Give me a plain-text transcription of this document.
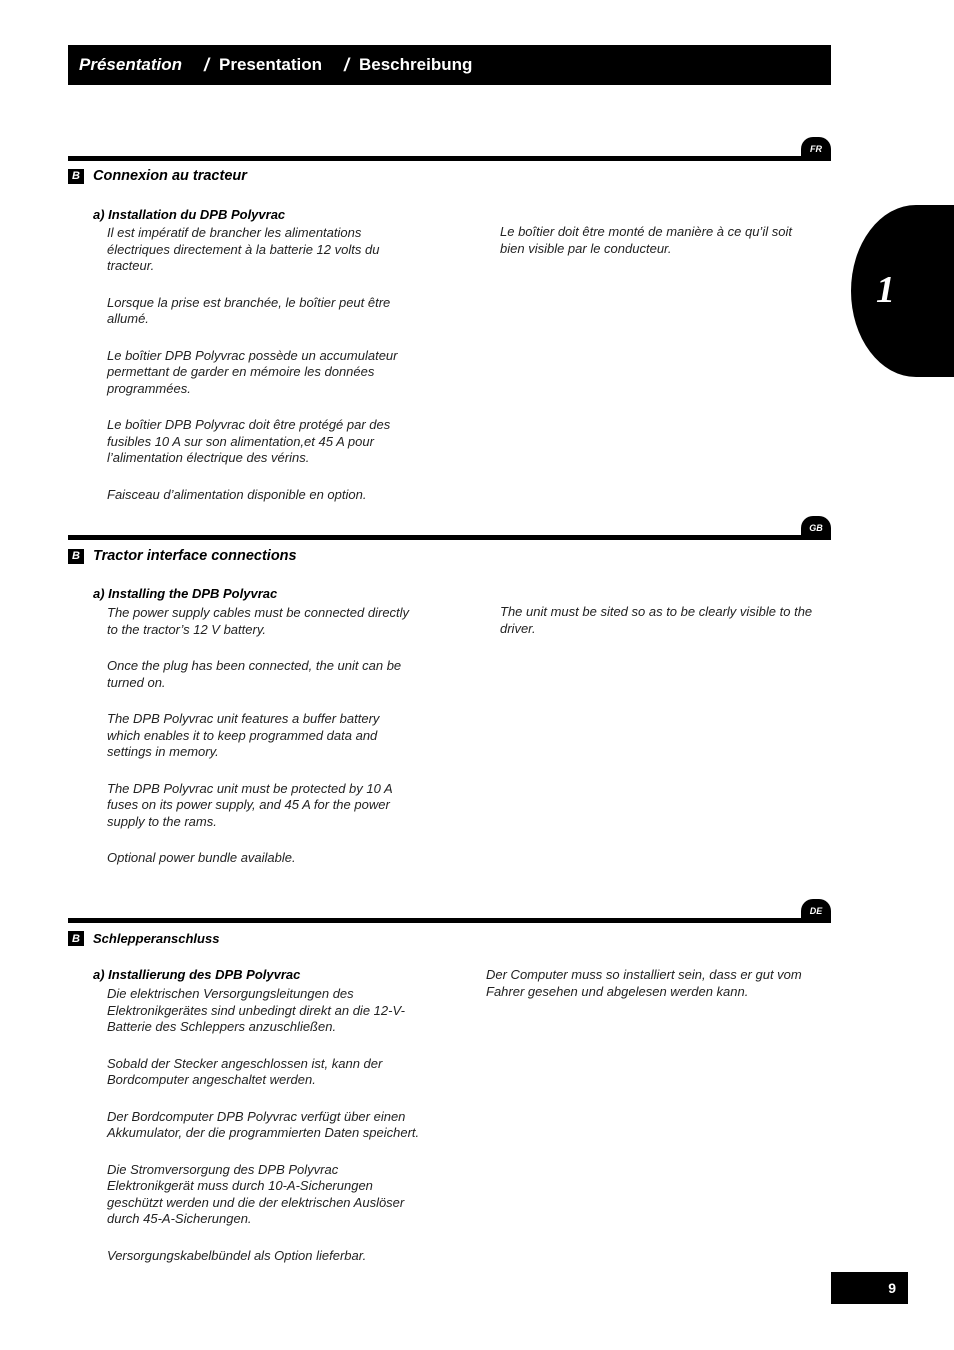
Présentation / Presentation / Beschreibung
1
FR
B Connexion au tracteur
a) Installation du DPB Polyvrac

Il est impératif de brancher les alimentations électriques directement à la batterie 12 volts du tracteur.

Lorsque la prise est branchée, le boîtier peut être allumé.

Le boîtier DPB Polyvrac possède un accumulateur permettant de garder en mémoire les données programmées.

Le boîtier DPB Polyvrac doit être protégé par des fusibles 10 A sur son alimentation,et 45 A pour l’alimentation électrique des vérins.

Faisceau d’alimentation disponible en option.

Le boîtier doit être monté de manière à ce qu’il soit bien visible par le conducteur.

GB
B Tractor interface connections
a) Installing the DPB Polyvrac

The power supply cables must be connected directly to the tractor’s 12 V battery.

Once the plug has been connected, the unit can be turned on.

The DPB Polyvrac unit features a buffer battery which enables it to keep programmed data and settings in memory.

The DPB Polyvrac unit must be protected by 10 A fuses on its power supply, and 45 A for the power supply to the rams.

Optional power bundle available.

The unit must be sited so as to be clearly visible to the driver.

DE
B	Schlepperanschluss
a) Installierung des DPB Polyvrac

Die elektrischen Versorgungsleitungen des Elektronikgerätes sind unbedingt direkt an die 12-V-Batterie des Schleppers anzuschließen.

Sobald der Stecker angeschlossen ist, kann der Bordcomputer angeschaltet werden.

Der Bordcomputer DPB Polyvrac verfügt über einen Akkumulator, der die programmierten Daten speichert.

Die Stromversorgung des DPB Polyvrac Elektronikgerät muss durch 10-A-Sicherungen geschützt werden und die der elektrischen Auslöser durch 45-A-Sicherungen.

Versorgungskabelbündel als Option lieferbar.

Der Computer muss so installiert sein, dass er gut vom Fahrer gesehen und abgelesen werden kann.

9
